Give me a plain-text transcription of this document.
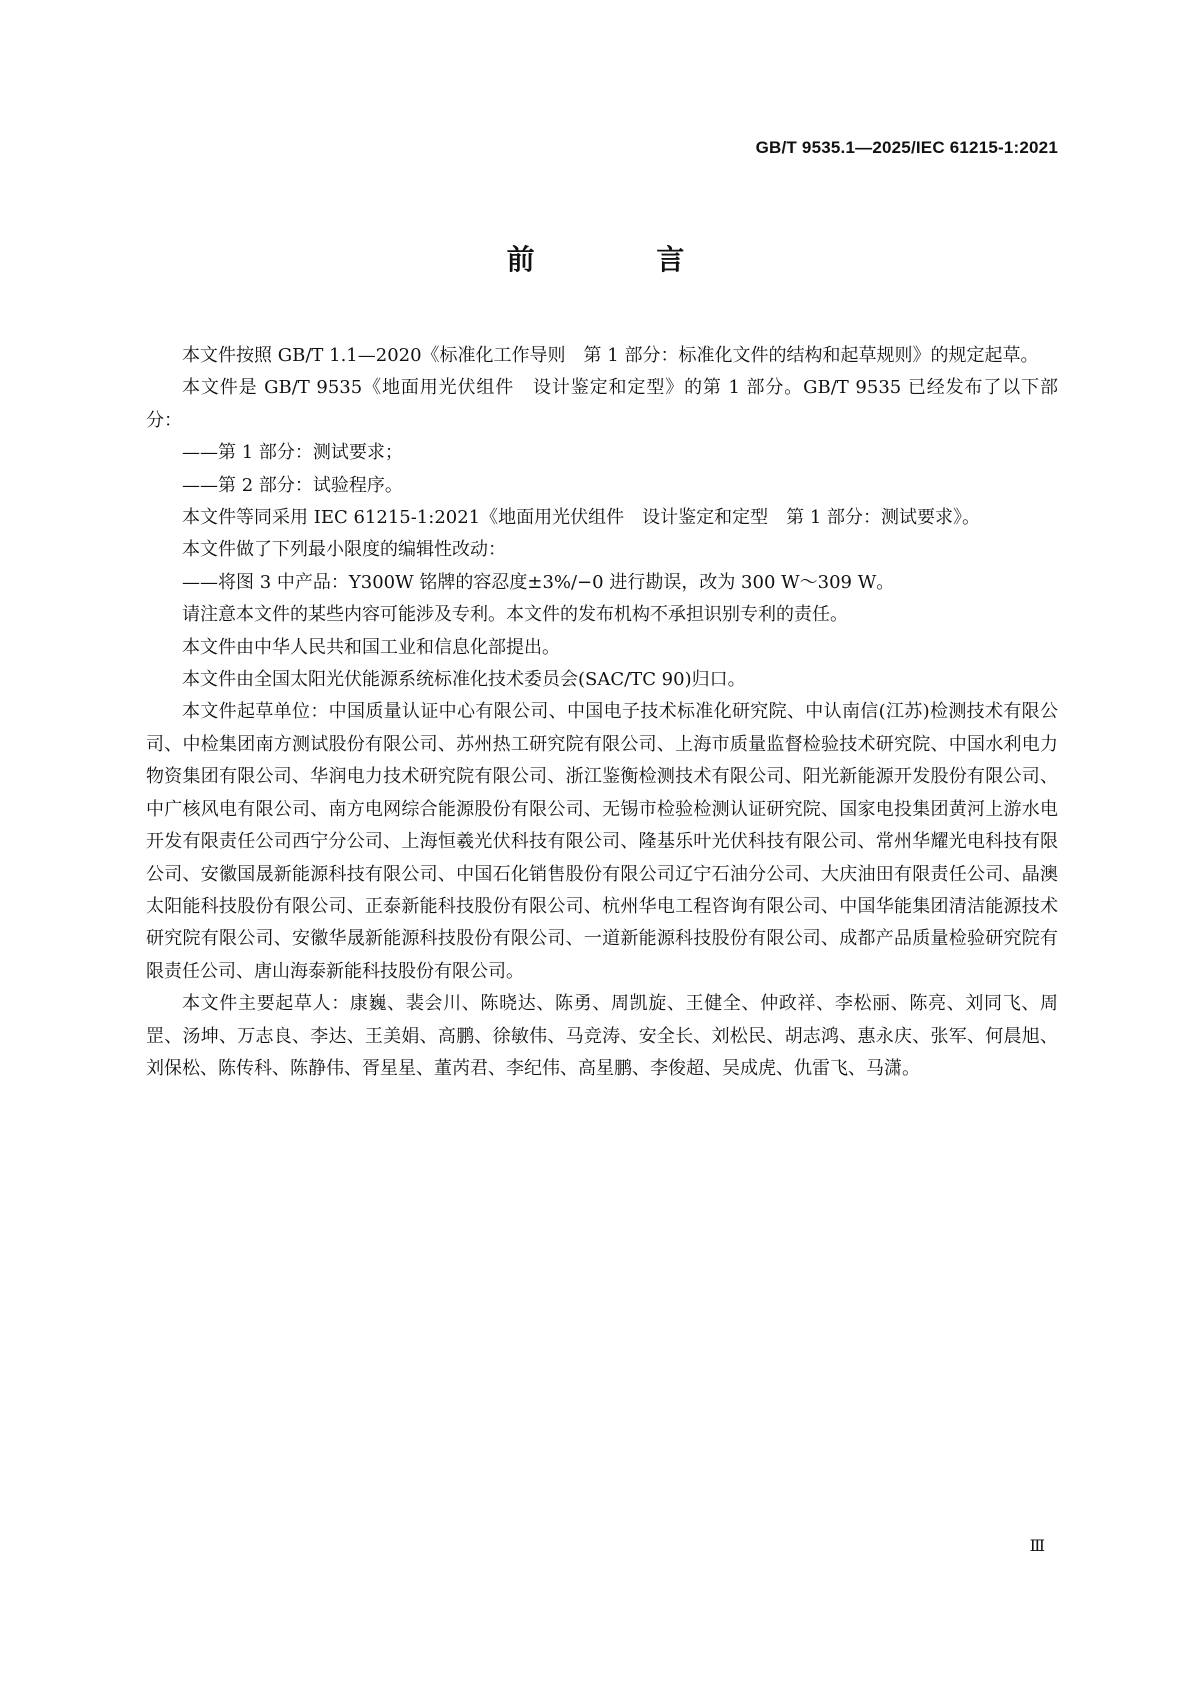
GB/T 9535.1—2025/IEC 61215-1:2021
前 言

本文件按照 GB/T 1.1—2020《标准化工作导则　第 1 部分：标准化文件的结构和起草规则》的规定起草。

本文件是 GB/T 9535《地面用光伏组件　设计鉴定和定型》的第 1 部分。GB/T 9535 已经发布了以下部分：

——第 1 部分：测试要求；

——第 2 部分：试验程序。

本文件等同采用 IEC 61215-1:2021《地面用光伏组件　设计鉴定和定型　第 1 部分：测试要求》。

本文件做了下列最小限度的编辑性改动：

——将图 3 中产品：Y300W 铭牌的容忍度±3%/−0 进行勘误，改为 300 W～309 W。

请注意本文件的某些内容可能涉及专利。本文件的发布机构不承担识别专利的责任。

本文件由中华人民共和国工业和信息化部提出。

本文件由全国太阳光伏能源系统标准化技术委员会(SAC/TC 90)归口。

本文件起草单位：中国质量认证中心有限公司、中国电子技术标准化研究院、中认南信(江苏)检测技术有限公司、中检集团南方测试股份有限公司、苏州热工研究院有限公司、上海市质量监督检验技术研究院、中国水利电力物资集团有限公司、华润电力技术研究院有限公司、浙江鉴衡检测技术有限公司、阳光新能源开发股份有限公司、中广核风电有限公司、南方电网综合能源股份有限公司、无锡市检验检测认证研究院、国家电投集团黄河上游水电开发有限责任公司西宁分公司、上海恒羲光伏科技有限公司、隆基乐叶光伏科技有限公司、常州华耀光电科技有限公司、安徽国晟新能源科技有限公司、中国石化销售股份有限公司辽宁石油分公司、大庆油田有限责任公司、晶澳太阳能科技股份有限公司、正泰新能科技股份有限公司、杭州华电工程咨询有限公司、中国华能集团清洁能源技术研究院有限公司、安徽华晟新能源科技股份有限公司、一道新能源科技股份有限公司、成都产品质量检验研究院有限责任公司、唐山海泰新能科技股份有限公司。

本文件主要起草人：康巍、裴会川、陈晓达、陈勇、周凯旋、王健全、仲政祥、李松丽、陈亮、刘同飞、周罡、汤坤、万志良、李达、王美娟、高鹏、徐敏伟、马竞涛、安全长、刘松民、胡志鸿、惠永庆、张军、何晨旭、刘保松、陈传科、陈静伟、胥星星、董芮君、李纪伟、高星鹏、李俊超、吴成虎、仇雷飞、马潇。

Ⅲ
